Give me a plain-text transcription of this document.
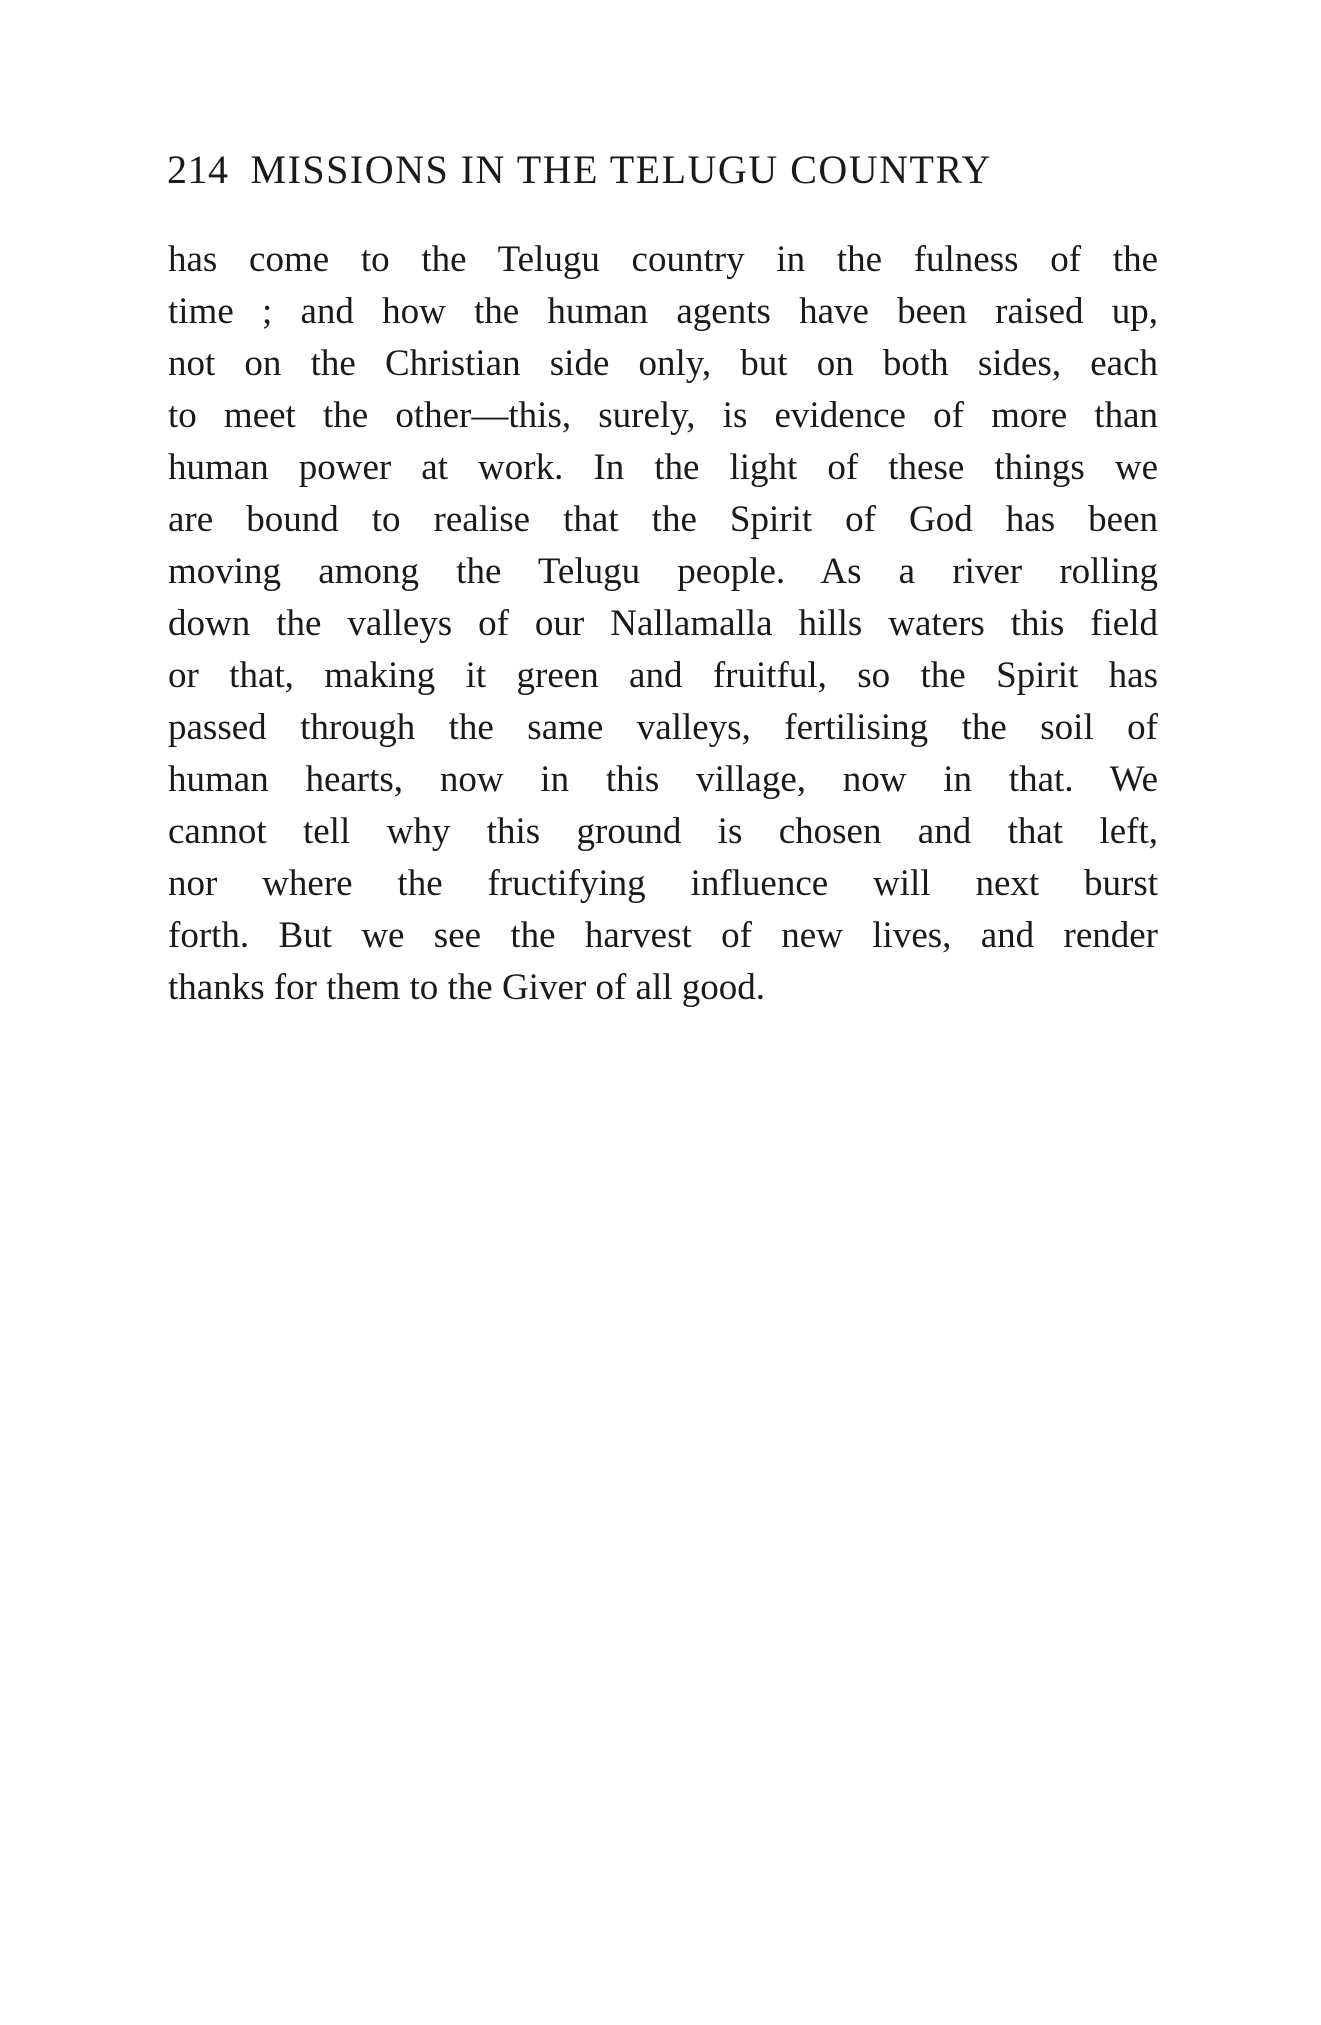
214 MISSIONS IN THE TELUGU COUNTRY
has come to the Telugu country in the fulness of the
time ; and how the human agents have been raised up,
not on the Christian side only, but on both sides, each
to meet the other—this, surely, is evidence of more than
human power at work. In the light of these things we
are bound to realise that the Spirit of God has been
moving among the Telugu people. As a river rolling
down the valleys of our Nallamalla hills waters this field
or that, making it green and fruitful, so the Spirit has
passed through the same valleys, fertilising the soil of
human hearts, now in this village, now in that. We
cannot tell why this ground is chosen and that left,
nor where the fructifying influence will next burst
forth. But we see the harvest of new lives, and render
thanks for them to the Giver of all good.
